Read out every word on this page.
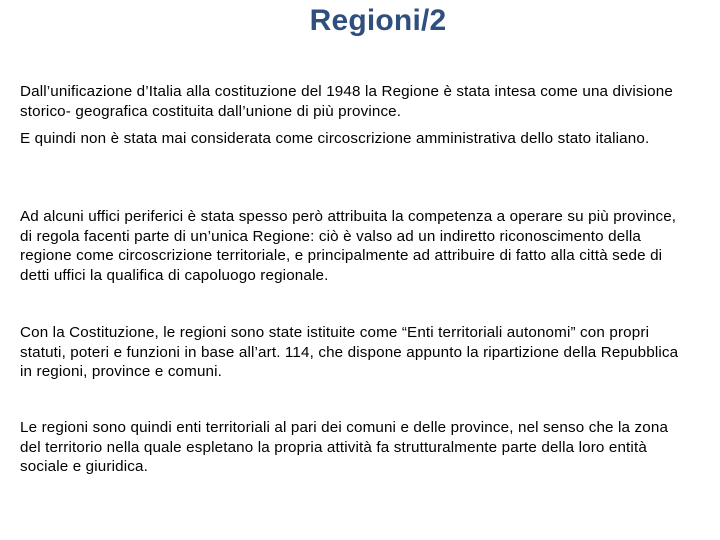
Regioni/2

Dall’unificazione d’Italia alla costituzione del 1948 la Regione è stata intesa come una divisione storico- geografica costituita dall’unione di più province.

E quindi non è stata mai considerata come circoscrizione amministrativa dello stato italiano.

Ad alcuni uffici periferici è stata spesso però attribuita la competenza a operare su più province, di regola facenti parte di un’unica Regione: ciò è valso ad un indiretto riconoscimento della regione come circoscrizione territoriale, e principalmente ad attribuire di fatto alla città sede di detti uffici la qualifica di capoluogo regionale.

Con la Costituzione, le regioni sono state istituite come “Enti territoriali autonomi” con propri statuti, poteri e funzioni in base all’art. 114, che dispone appunto la ripartizione della Repubblica in regioni, province e comuni.

Le regioni sono quindi enti territoriali al pari dei comuni e delle province, nel senso che la zona del territorio nella quale espletano la propria attività fa strutturalmente parte della loro entità sociale e giuridica.
